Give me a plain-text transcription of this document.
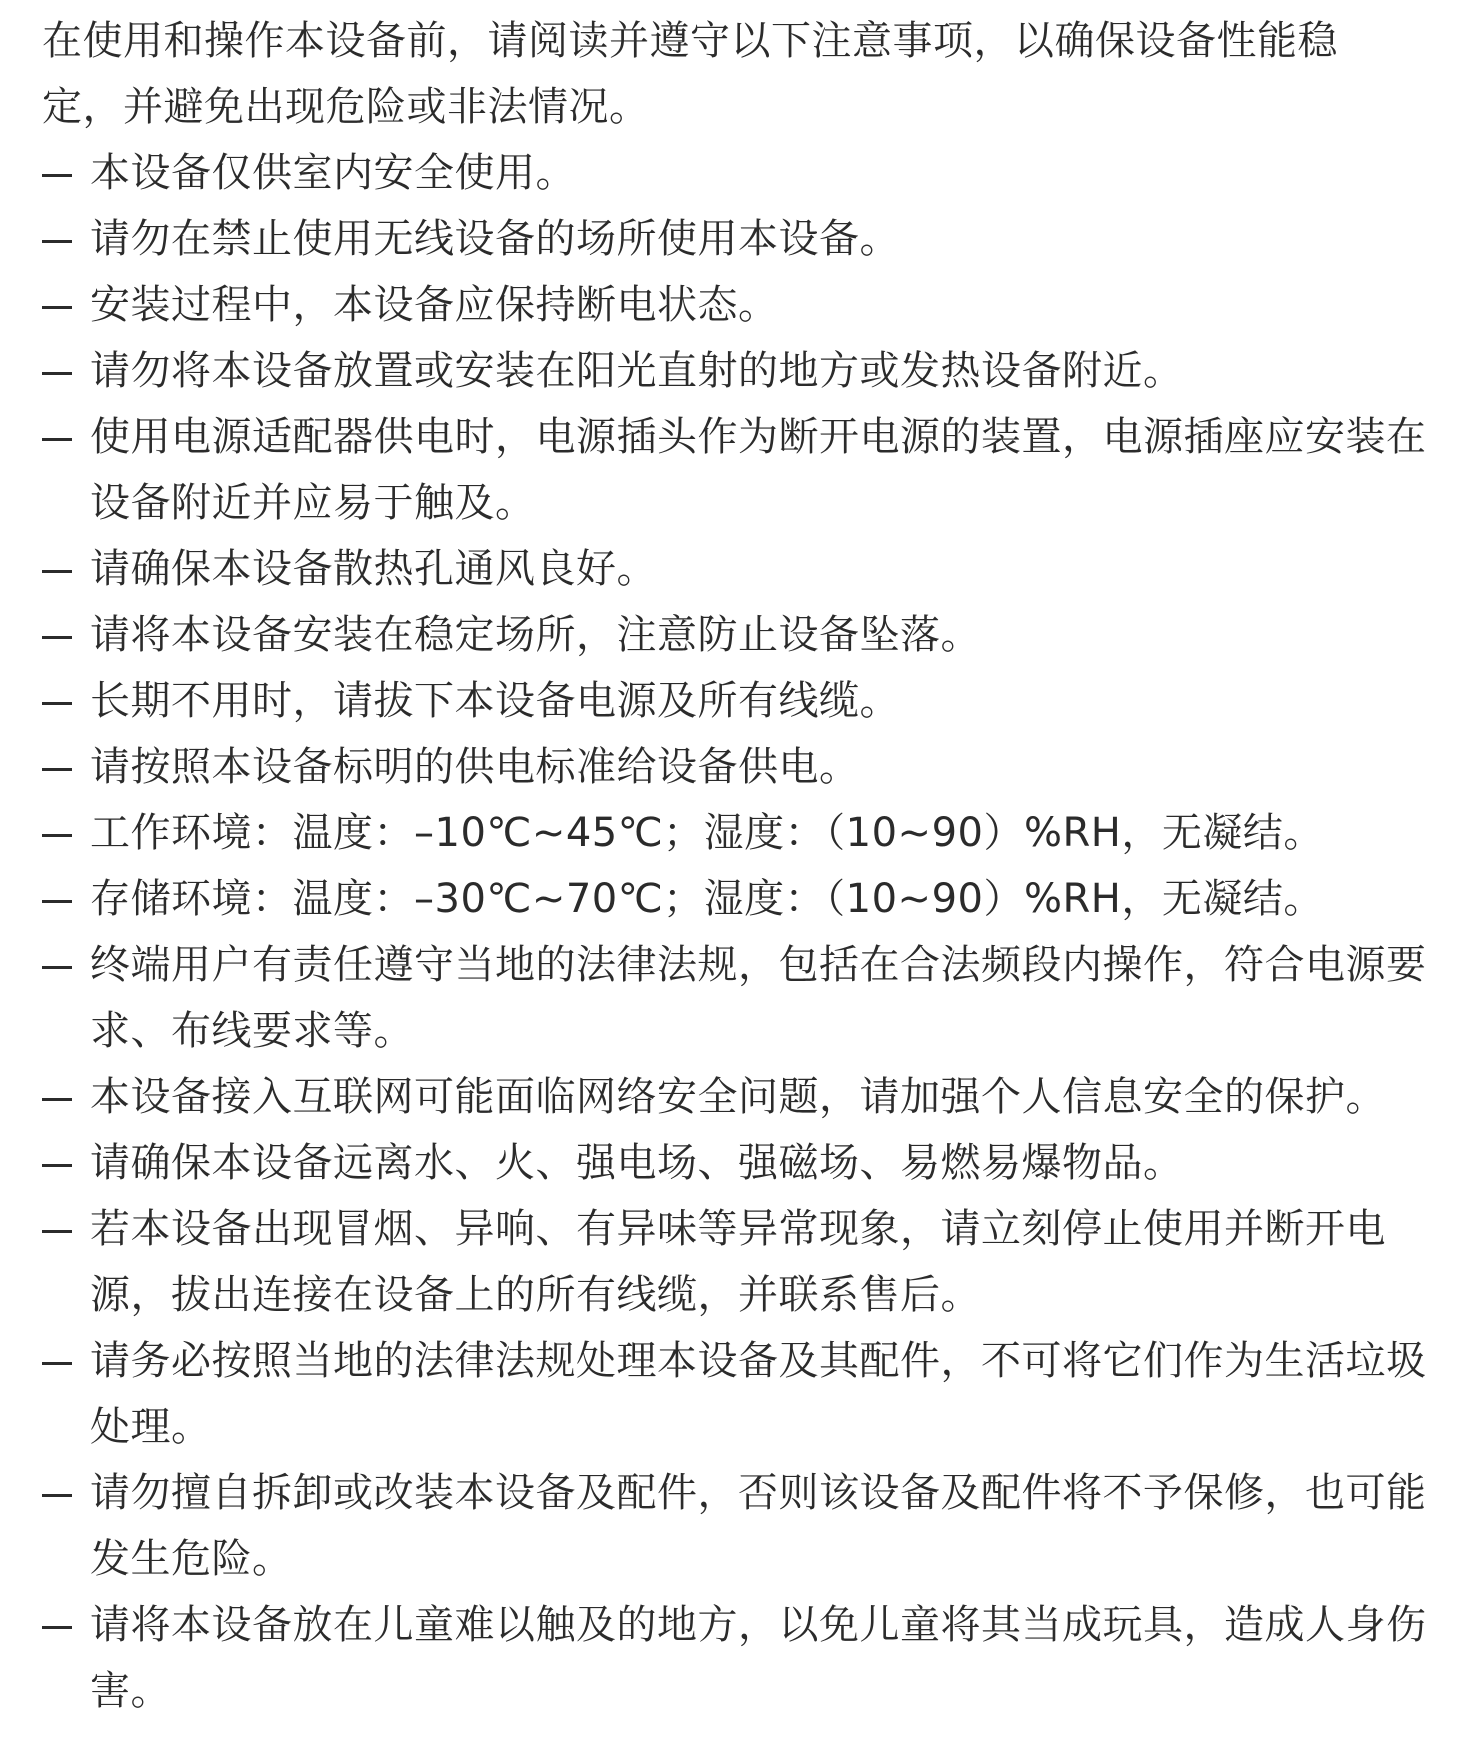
在使用和操作本设备前，请阅读并遵守以下注意事项，以确保设备性能稳定，并避免出现危险或非法情况。

本设备仅供室内安全使用。
请勿在禁止使用无线设备的场所使用本设备。
安装过程中，本设备应保持断电状态。
请勿将本设备放置或安装在阳光直射的地方或发热设备附近。
使用电源适配器供电时，电源插头作为断开电源的装置，电源插座应安装在设备附近并应易于触及。
请确保本设备散热孔通风良好。
请将本设备安装在稳定场所，注意防止设备坠落。
长期不用时，请拔下本设备电源及所有线缆。
请按照本设备标明的供电标准给设备供电。
工作环境：温度：–10℃~45℃；湿度：（10~90）%RH，无凝结。
存储环境：温度：–30℃~70℃；湿度：（10~90）%RH，无凝结。
终端用户有责任遵守当地的法律法规，包括在合法频段内操作，符合电源要求、布线要求等。
本设备接入互联网可能面临网络安全问题，请加强个人信息安全的保护。
请确保本设备远离水、火、强电场、强磁场、易燃易爆物品。
若本设备出现冒烟、异响、有异味等异常现象，请立刻停止使用并断开电源，拔出连接在设备上的所有线缆，并联系售后。
请务必按照当地的法律法规处理本设备及其配件，不可将它们作为生活垃圾处理。
请勿擅自拆卸或改装本设备及配件，否则该设备及配件将不予保修，也可能发生危险。
请将本设备放在儿童难以触及的地方，以免儿童将其当成玩具，造成人身伤害。
